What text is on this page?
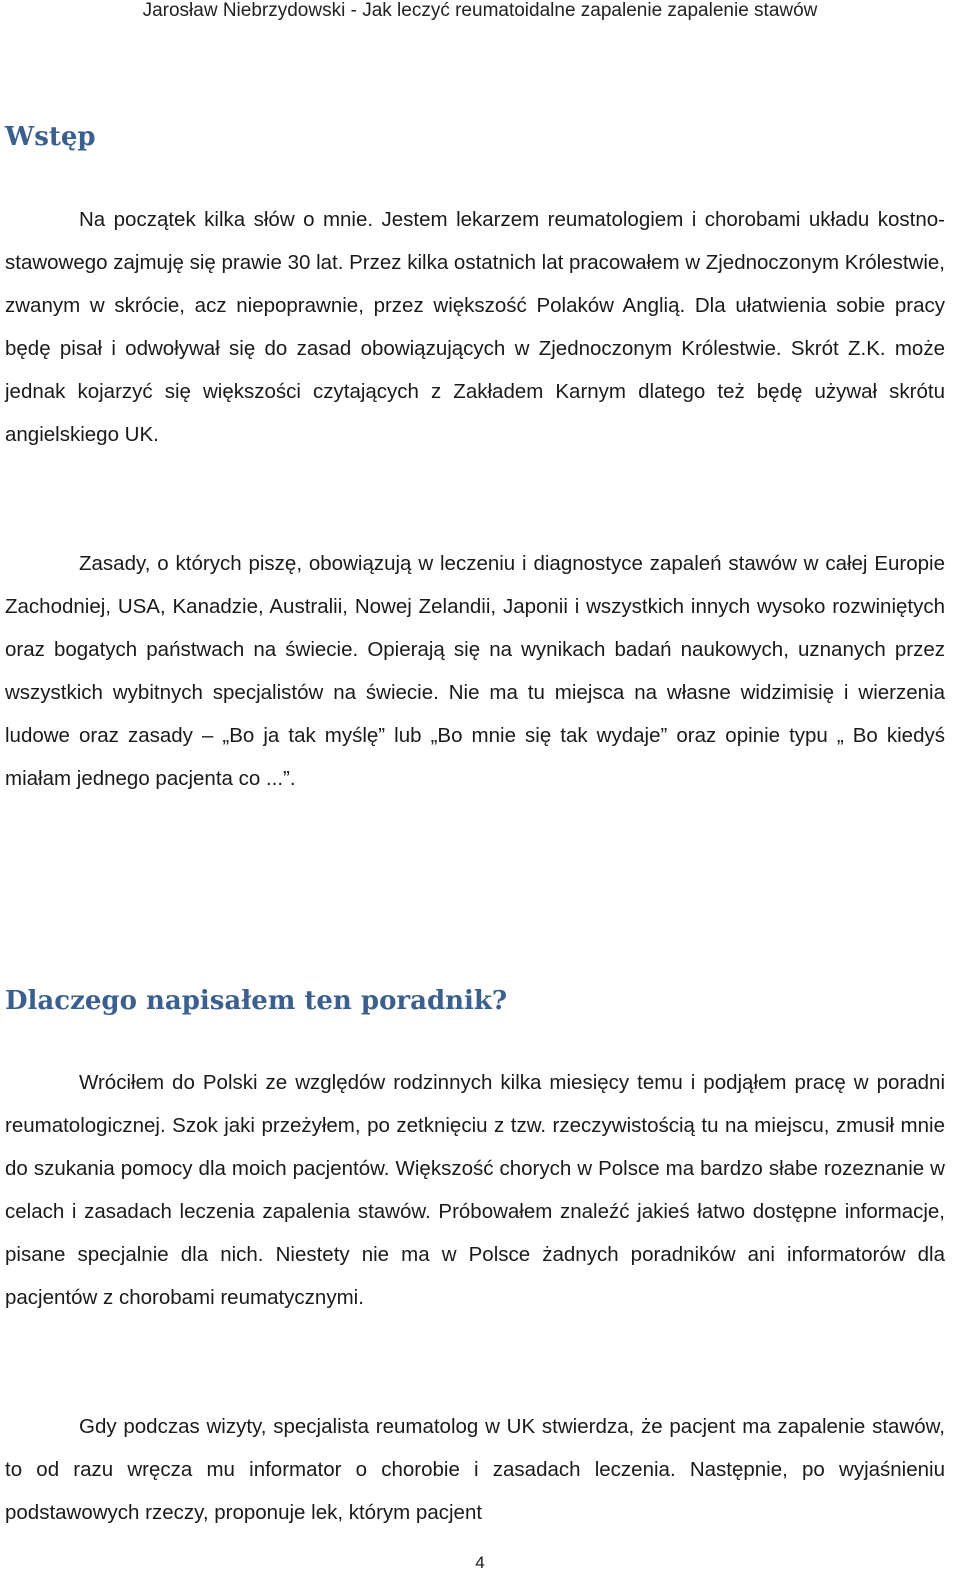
Jarosław Niebrzydowski - Jak leczyć reumatoidalne zapalenie zapalenie stawów
Wstęp

Na początek kilka słów o mnie. Jestem lekarzem reumatologiem i chorobami układu kostno-stawowego zajmuję się prawie 30 lat. Przez kilka ostatnich lat pracowałem w Zjednoczonym Królestwie, zwanym w skrócie, acz niepoprawnie, przez większość Polaków Anglią. Dla ułatwienia sobie pracy będę pisał i odwoływał się do zasad obowiązujących w Zjednoczonym Królestwie. Skrót Z.K. może jednak kojarzyć się większości czytających z Zakładem Karnym dlatego też będę używał skrótu angielskiego UK.

Zasady, o których piszę, obowiązują w leczeniu i diagnostyce zapaleń stawów w całej Europie Zachodniej, USA, Kanadzie, Australii, Nowej Zelandii, Japonii i wszystkich innych wysoko rozwiniętych oraz bogatych państwach na świecie. Opierają się na wynikach badań naukowych, uznanych przez wszystkich wybitnych specjalistów na świecie. Nie ma tu miejsca na własne widzimisię i wierzenia ludowe oraz zasady – „Bo ja tak myślę” lub „Bo mnie się tak wydaje” oraz opinie typu „ Bo kiedyś miałam jednego pacjenta co ...”.

Dlaczego napisałem ten poradnik?

Wróciłem do Polski ze względów rodzinnych kilka miesięcy temu i podjąłem pracę w poradni reumatologicznej. Szok jaki przeżyłem, po zetknięciu z tzw. rzeczywistością tu na miejscu, zmusił mnie do szukania pomocy dla moich pacjentów. Większość chorych w Polsce ma bardzo słabe rozeznanie w celach i zasadach leczenia zapalenia stawów. Próbowałem znaleźć jakieś łatwo dostępne informacje, pisane specjalnie dla nich. Niestety nie ma w Polsce żadnych poradników ani informatorów dla pacjentów z chorobami reumatycznymi.

Gdy podczas wizyty, specjalista reumatolog w UK stwierdza, że pacjent ma zapalenie stawów, to od razu wręcza mu informator o chorobie i zasadach leczenia. Następnie, po wyjaśnieniu podstawowych rzeczy, proponuje lek, którym pacjent

4
